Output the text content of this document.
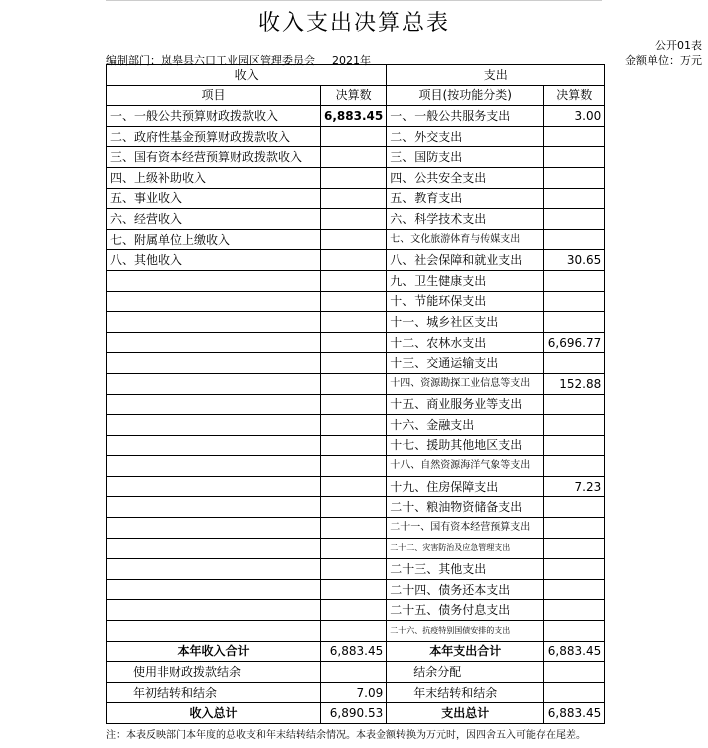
收入支出决算总表
公开01表
编制部门：岚皋县六口工业园区管理委员会 2021年	金额单位：万元
收入		支出	
项目	决算数	项目(按功能分类)	决算数
一、一般公共预算财政拨款收入	6,883.45	一、一般公共服务支出	3.00
二、政府性基金预算财政拨款收入		二、外交支出	
三、国有资本经营预算财政拨款收入		三、国防支出	
四、上级补助收入		四、公共安全支出	
五、事业收入		五、教育支出	
六、经营收入		六、科学技术支出	
七、附属单位上缴收入		七、文化旅游体育与传媒支出	
八、其他收入		八、社会保障和就业支出	30.65
		九、卫生健康支出	
		十、节能环保支出	
		十一、城乡社区支出	
		十二、农林水支出	6,696.77
		十三、交通运输支出	
		十四、资源勘探工业信息等支出	152.88
		十五、商业服务业等支出	
		十六、金融支出	
		十七、援助其他地区支出	
		十八、自然资源海洋气象等支出	
		十九、住房保障支出	7.23
		二十、粮油物资储备支出	
		二十一、国有资本经营预算支出	
		二十二、灾害防治及应急管理支出	
		二十三、其他支出	
		二十四、债务还本支出	
		二十五、债务付息支出	
		二十六、抗疫特别国债安排的支出	
本年收入合计	6,883.45	本年支出合计	6,883.45
使用非财政拨款结余		结余分配	
年初结转和结余	7.09	年末结转和结余	
收入总计	6,890.53	支出总计	6,883.45
注：本表反映部门本年度的总收支和年末结转结余情况。本表金额转换为万元时，因四舍五入可能存在尾差。
